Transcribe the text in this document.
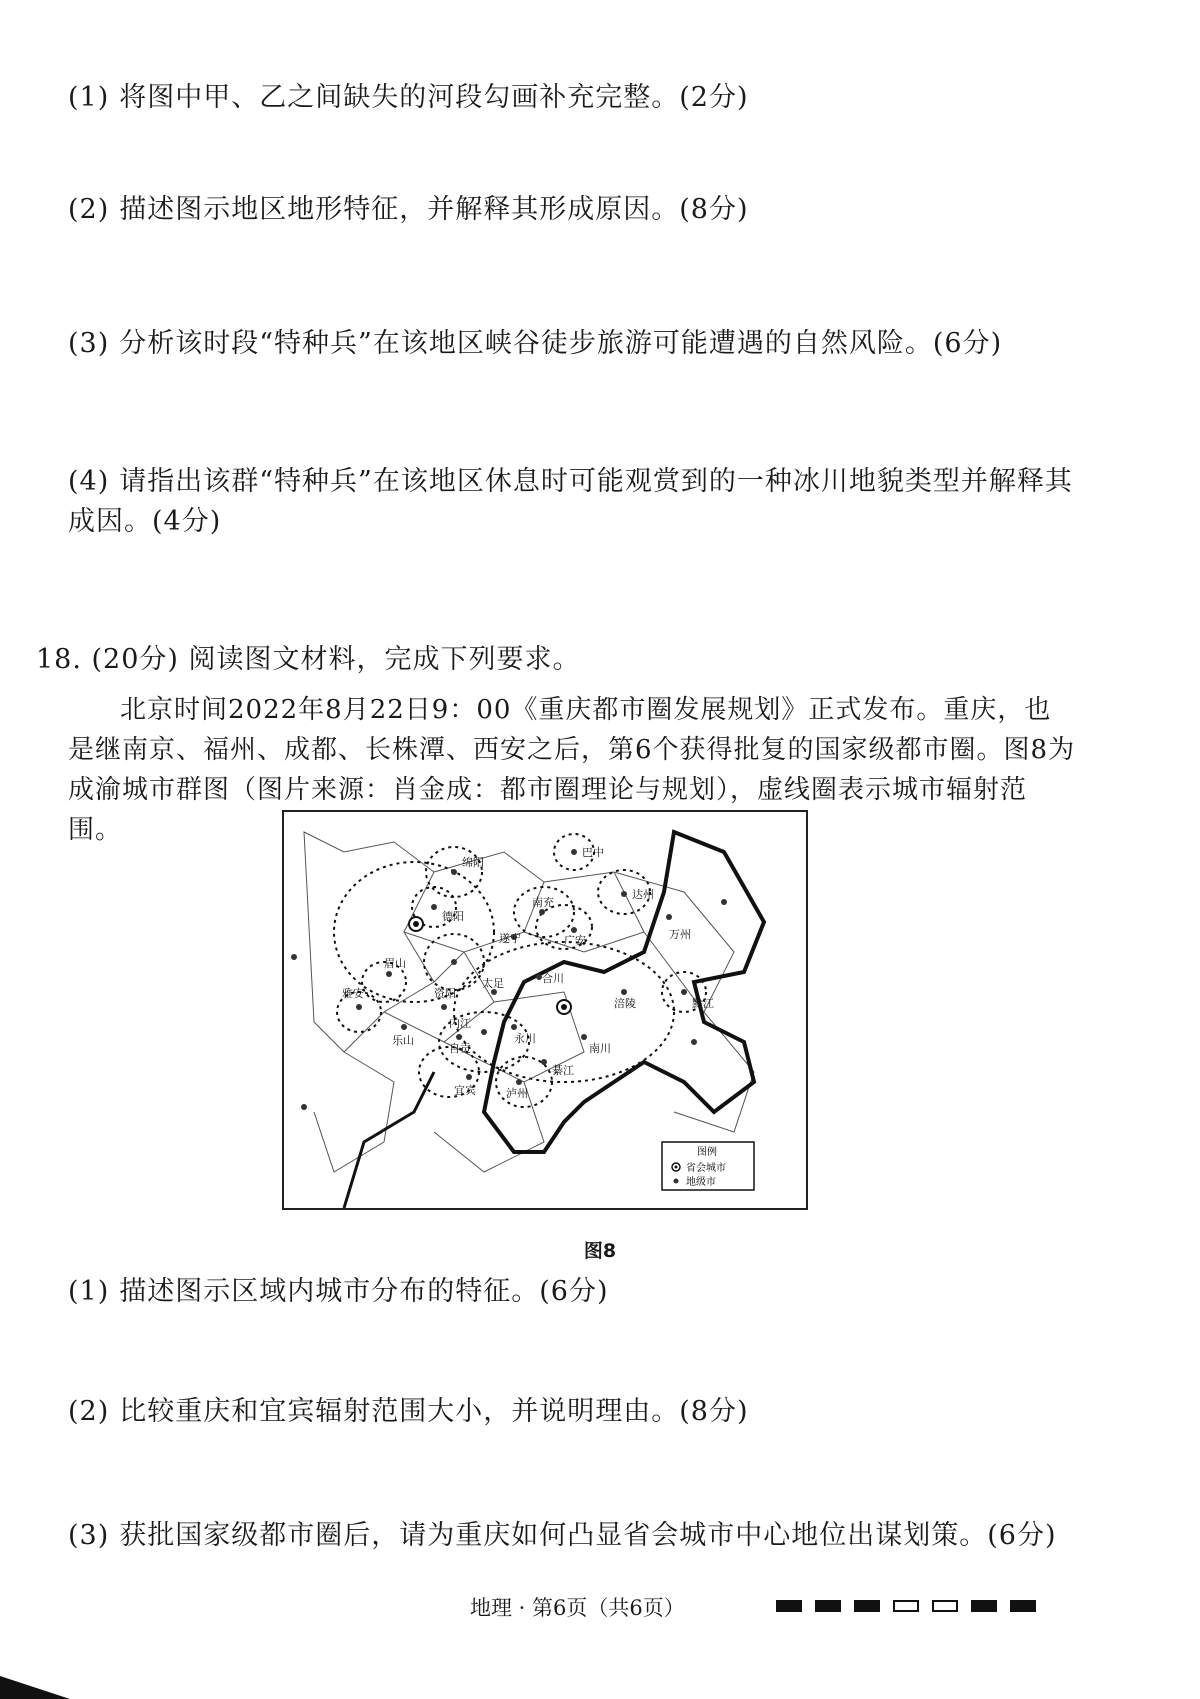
(1) 将图中甲、乙之间缺失的河段勾画补充完整。(2分)
(2) 描述图示地区地形特征，并解释其形成原因。(8分)
(3) 分析该时段“特种兵”在该地区峡谷徒步旅游可能遭遇的自然风险。(6分)
(4) 请指出该群“特种兵”在该地区休息时可能观赏到的一种冰川地貌类型并解释其成因。(4分)
18. (20分) 阅读图文材料，完成下列要求。
北京时间2022年8月22日9：00《重庆都市圈发展规划》正式发布。重庆，也是继南京、福州、成都、长株潭、西安之后，第6个获得批复的国家级都市圈。图8为成渝城市群图（图片来源：肖金成：都市圈理论与规划），虚线圈表示城市辐射范围。
巴中
绵阳
达州
德阳
南充
万州
遂宁	广安
眉山
太足	合川
雅安	资阳
涪陵	黔江
乐山
内江
自贡
永川
南川
綦江
泸州
宜宾
图例
省会城市
地级市
图8
(1) 描述图示区域内城市分布的特征。(6分)
(2) 比较重庆和宜宾辐射范围大小，并说明理由。(8分)
(3) 获批国家级都市圈后，请为重庆如何凸显省会城市中心地位出谋划策。(6分)
地理 · 第6页（共6页）
